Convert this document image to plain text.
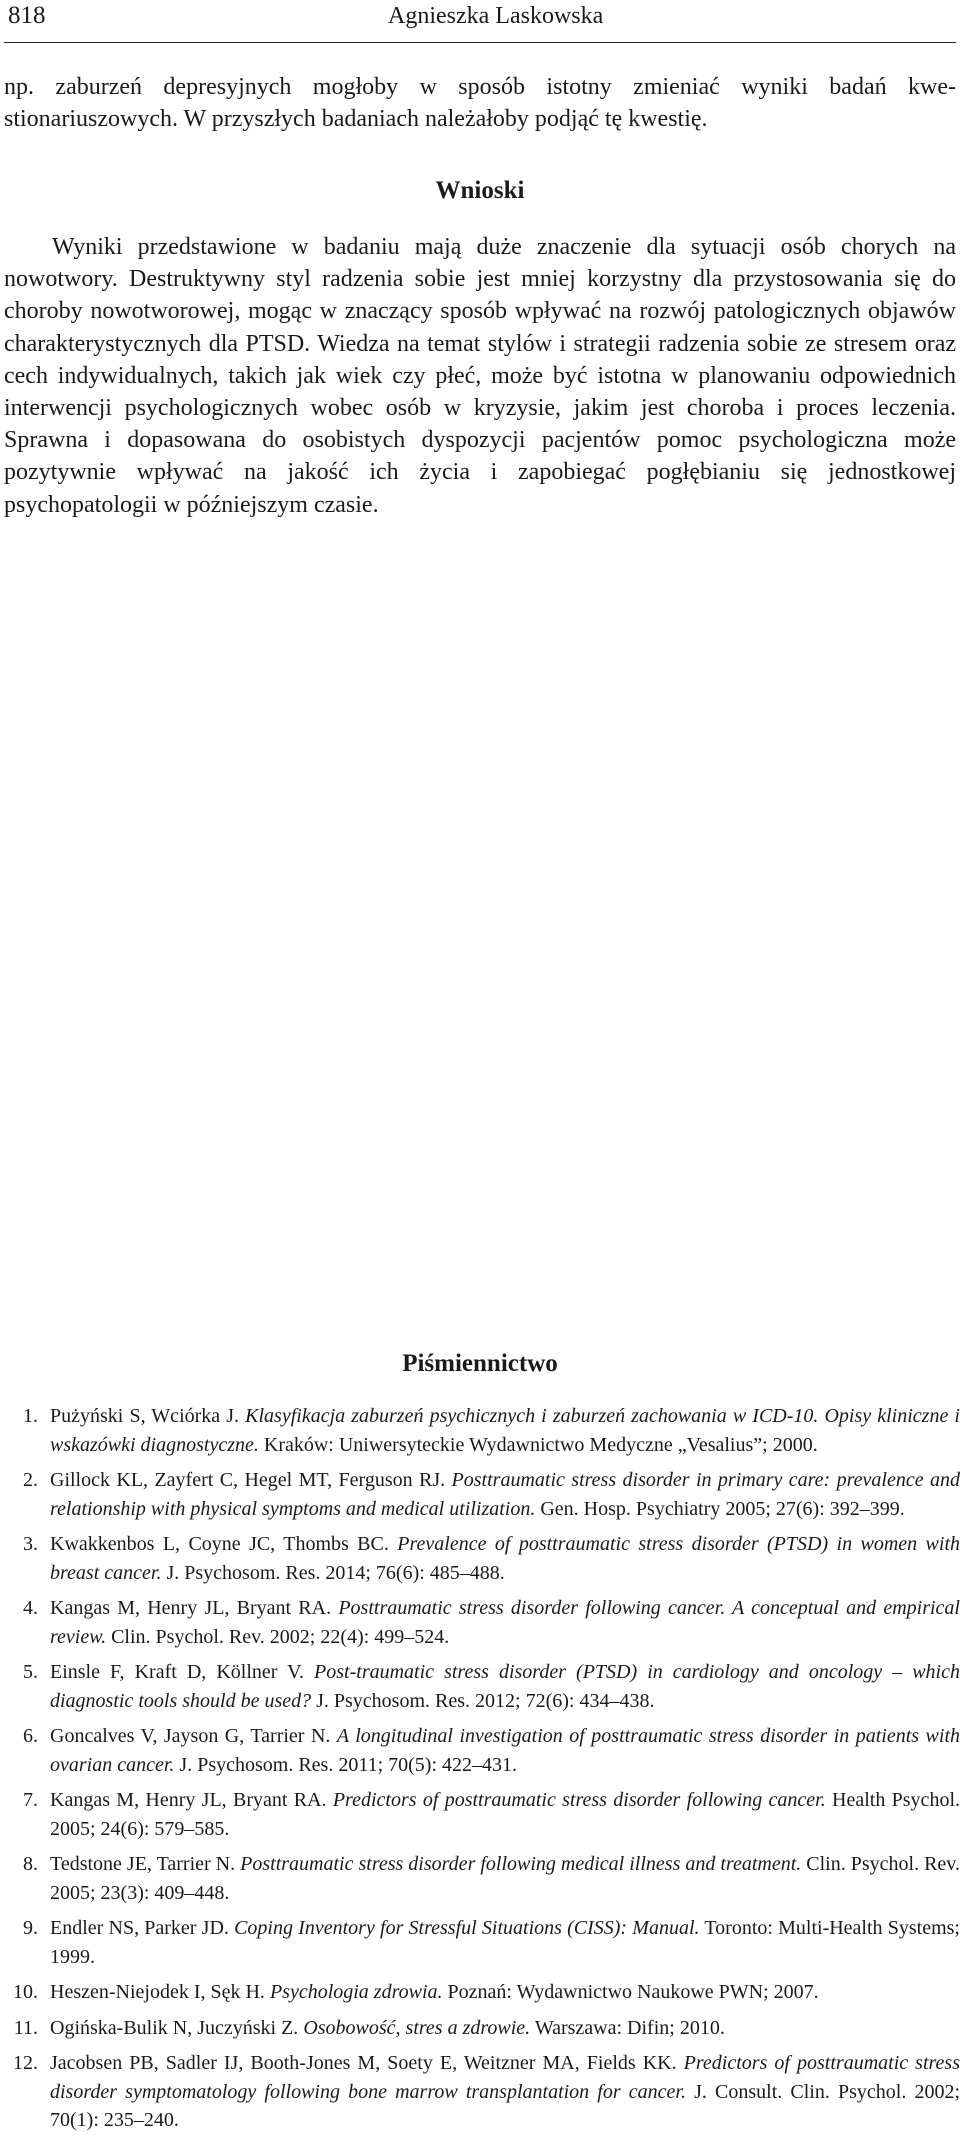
818	Agnieszka Laskowska

np. zaburzeń depresyjnych mogłoby w sposób istotny zmieniać wyniki badań kwestionariuszowych. W przyszłych badaniach należałoby podjąć tę kwestię.

Wnioski

Wyniki przedstawione w badaniu mają duże znaczenie dla sytuacji osób chorych na nowotwory. Destruktywny styl radzenia sobie jest mniej korzystny dla przystosowania się do choroby nowotworowej, mogąc w znaczący sposób wpływać na rozwój patologicznych objawów charakterystycznych dla PTSD. Wiedza na temat stylów i strategii radzenia sobie ze stresem oraz cech indywidualnych, takich jak wiek czy płeć, może być istotna w planowaniu odpowiednich interwencji psychologicznych wobec osób w kryzysie, jakim jest choroba i proces leczenia. Sprawna i dopasowana do osobistych dyspozycji pacjentów pomoc psychologiczna może pozytywnie wpływać na jakość ich życia i zapobiegać pogłębianiu się jednostkowej psychopatologii w późniejszym czasie.

Piśmiennictwo
1. Pużyński S, Wciórka J. Klasyfikacja zaburzeń psychicznych i zaburzeń zachowania w ICD-10. Opisy kliniczne i wskazówki diagnostyczne. Kraków: Uniwersyteckie Wydawnictwo Medyczne „Vesalius”; 2000.
2. Gillock KL, Zayfert C, Hegel MT, Ferguson RJ. Posttraumatic stress disorder in primary care: prevalence and relationship with physical symptoms and medical utilization. Gen. Hosp. Psychiatry 2005; 27(6): 392–399.
3. Kwakkenbos L, Coyne JC, Thombs BC. Prevalence of posttraumatic stress disorder (PTSD) in women with breast cancer. J. Psychosom. Res. 2014; 76(6): 485–488.
4. Kangas M, Henry JL, Bryant RA. Posttraumatic stress disorder following cancer. A conceptual and empirical review. Clin. Psychol. Rev. 2002; 22(4): 499–524.
5. Einsle F, Kraft D, Köllner V. Post-traumatic stress disorder (PTSD) in cardiology and oncology – which diagnostic tools should be used? J. Psychosom. Res. 2012; 72(6): 434–438.
6. Goncalves V, Jayson G, Tarrier N. A longitudinal investigation of posttraumatic stress disorder in patients with ovarian cancer. J. Psychosom. Res. 2011; 70(5): 422–431.
7. Kangas M, Henry JL, Bryant RA. Predictors of posttraumatic stress disorder following cancer. Health Psychol. 2005; 24(6): 579–585.
8. Tedstone JE, Tarrier N. Posttraumatic stress disorder following medical illness and treatment. Clin. Psychol. Rev. 2005; 23(3): 409–448.
9. Endler NS, Parker JD. Coping Inventory for Stressful Situations (CISS): Manual. Toronto: Multi-Health Systems; 1999.
10. Heszen-Niejodek I, Sęk H. Psychologia zdrowia. Poznań: Wydawnictwo Naukowe PWN; 2007.
11. Ogińska-Bulik N, Juczyński Z. Osobowość, stres a zdrowie. Warszawa: Difin; 2010.
12. Jacobsen PB, Sadler IJ, Booth-Jones M, Soety E, Weitzner MA, Fields KK. Predictors of posttraumatic stress disorder symptomatology following bone marrow transplantation for cancer. J. Consult. Clin. Psychol. 2002; 70(1): 235–240.
